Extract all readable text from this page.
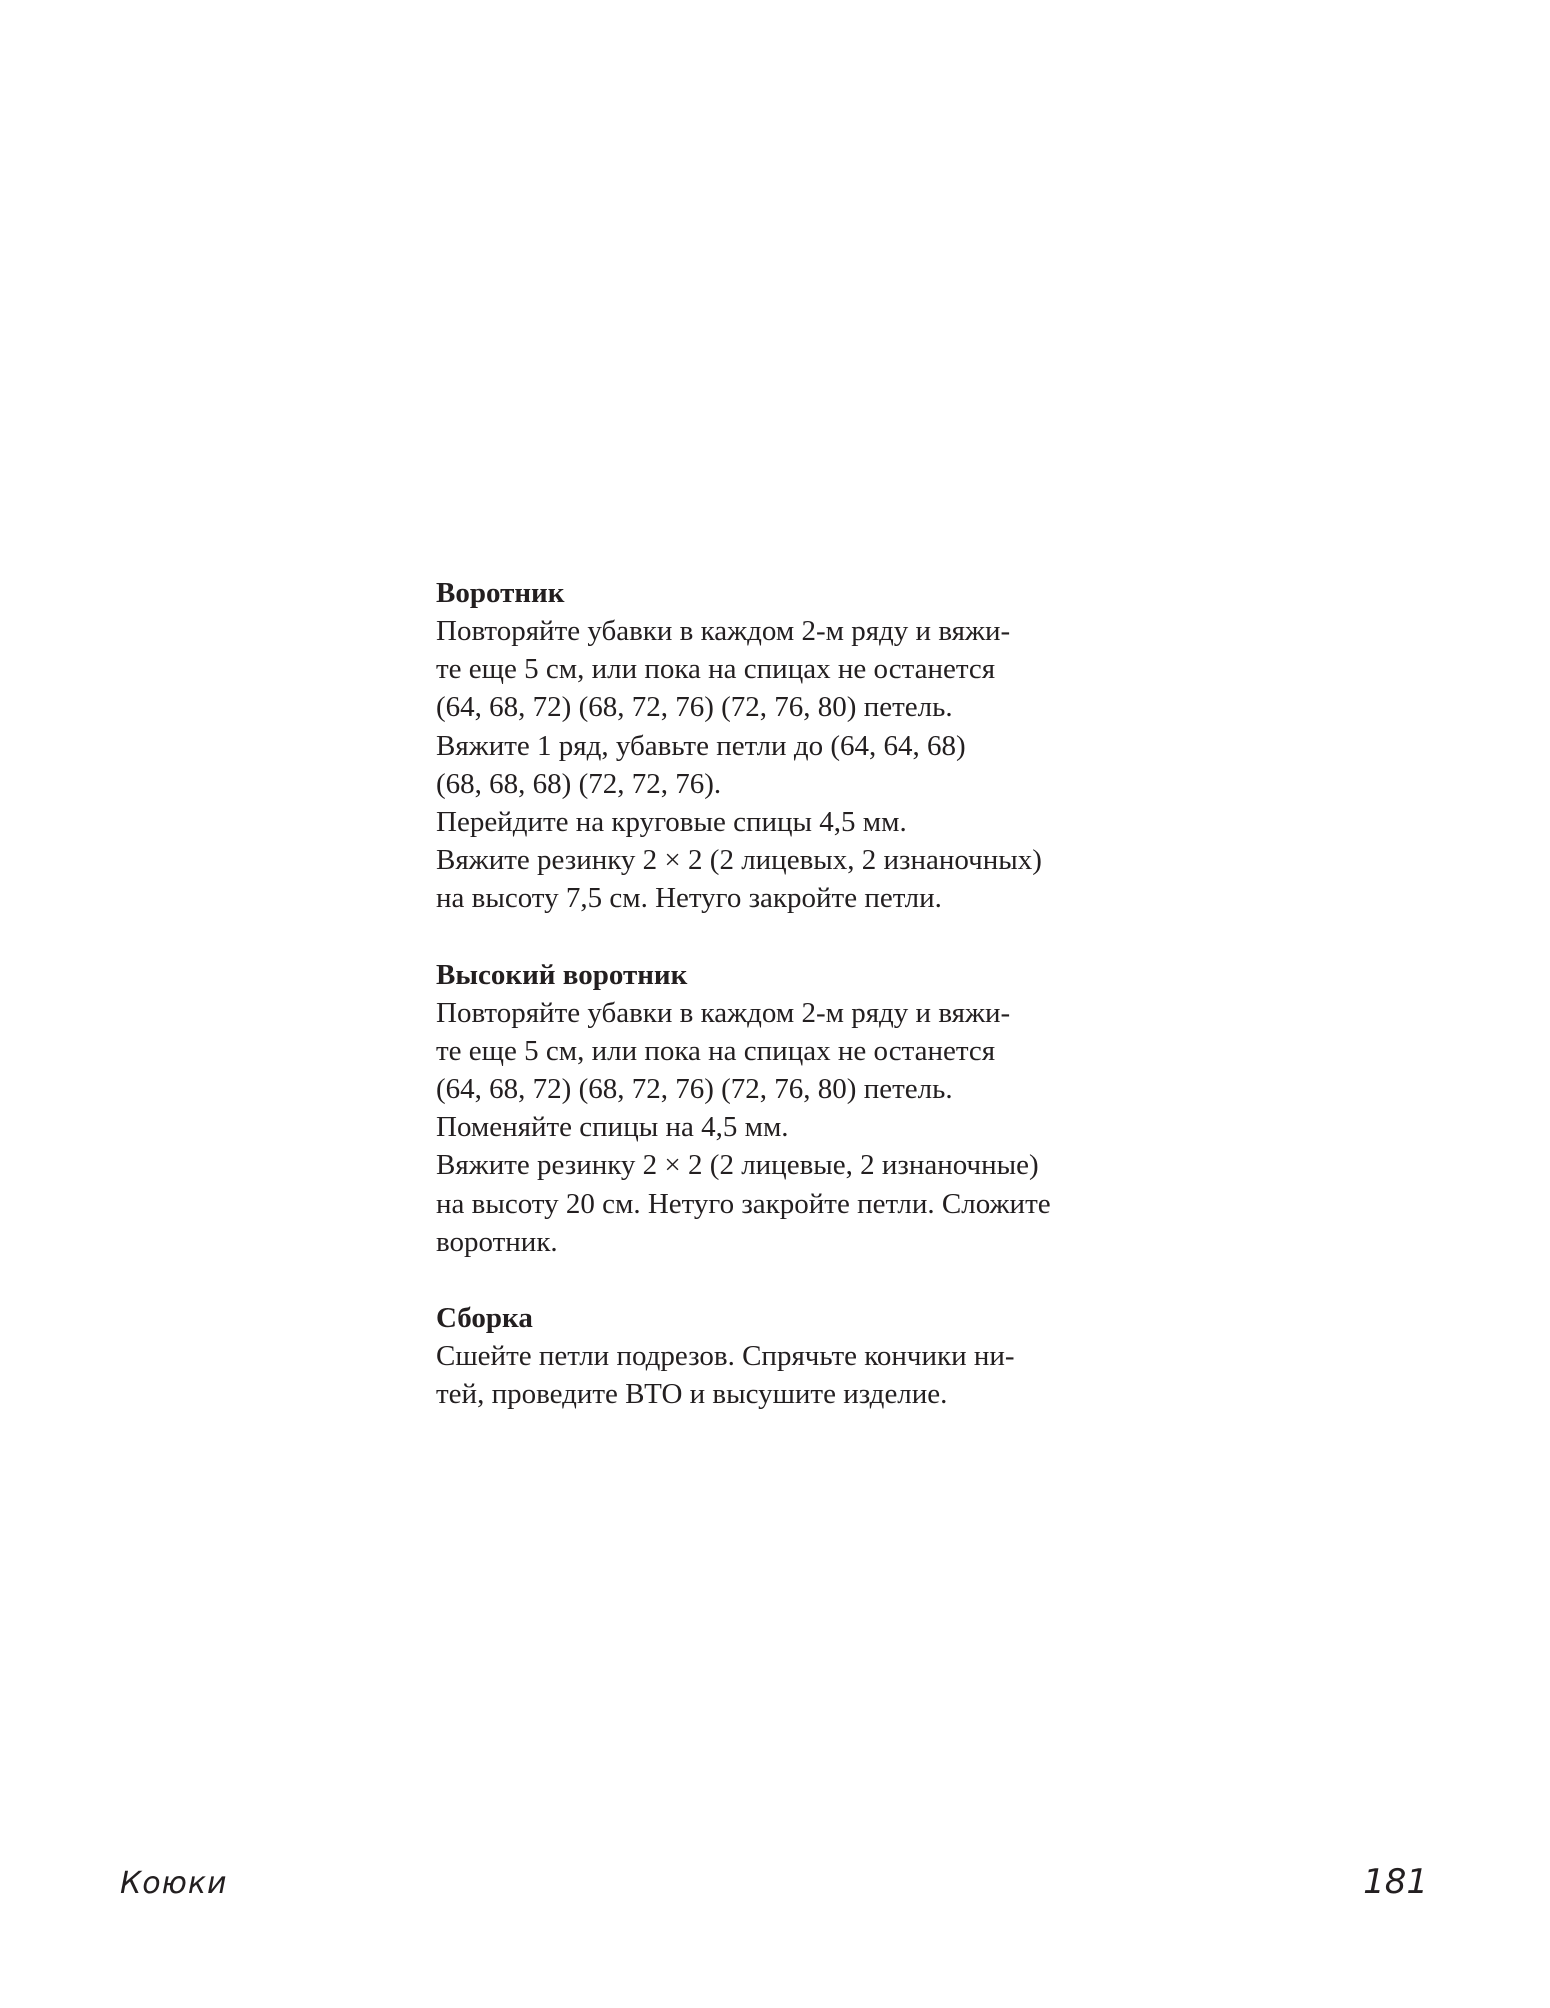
Воротник

Повторяйте убавки в каждом 2-м ряду и вяжи-

те еще 5 см, или пока на спицах не останется

(64, 68, 72) (68, 72, 76) (72, 76, 80) петель.

Вяжите 1 ряд, убавьте петли до (64, 64, 68)

(68, 68, 68) (72, 72, 76).

Перейдите на круговые спицы 4,5 мм.

Вяжите резинку 2 × 2 (2 лицевых, 2 изнаночных)

на высоту 7,5 см. Нетуго закройте петли.

Высокий воротник

Повторяйте убавки в каждом 2-м ряду и вяжи-

те еще 5 см, или пока на спицах не останется

(64, 68, 72) (68, 72, 76) (72, 76, 80) петель.

Поменяйте спицы на 4,5 мм.

Вяжите резинку 2 × 2 (2 лицевые, 2 изнаночные)

на высоту 20 см. Нетуго закройте петли. Сложите

воротник.

Сборка

Сшейте петли подрезов. Спрячьте кончики ни-

тей, проведите ВТО и высушите изделие.

Коюки	181
